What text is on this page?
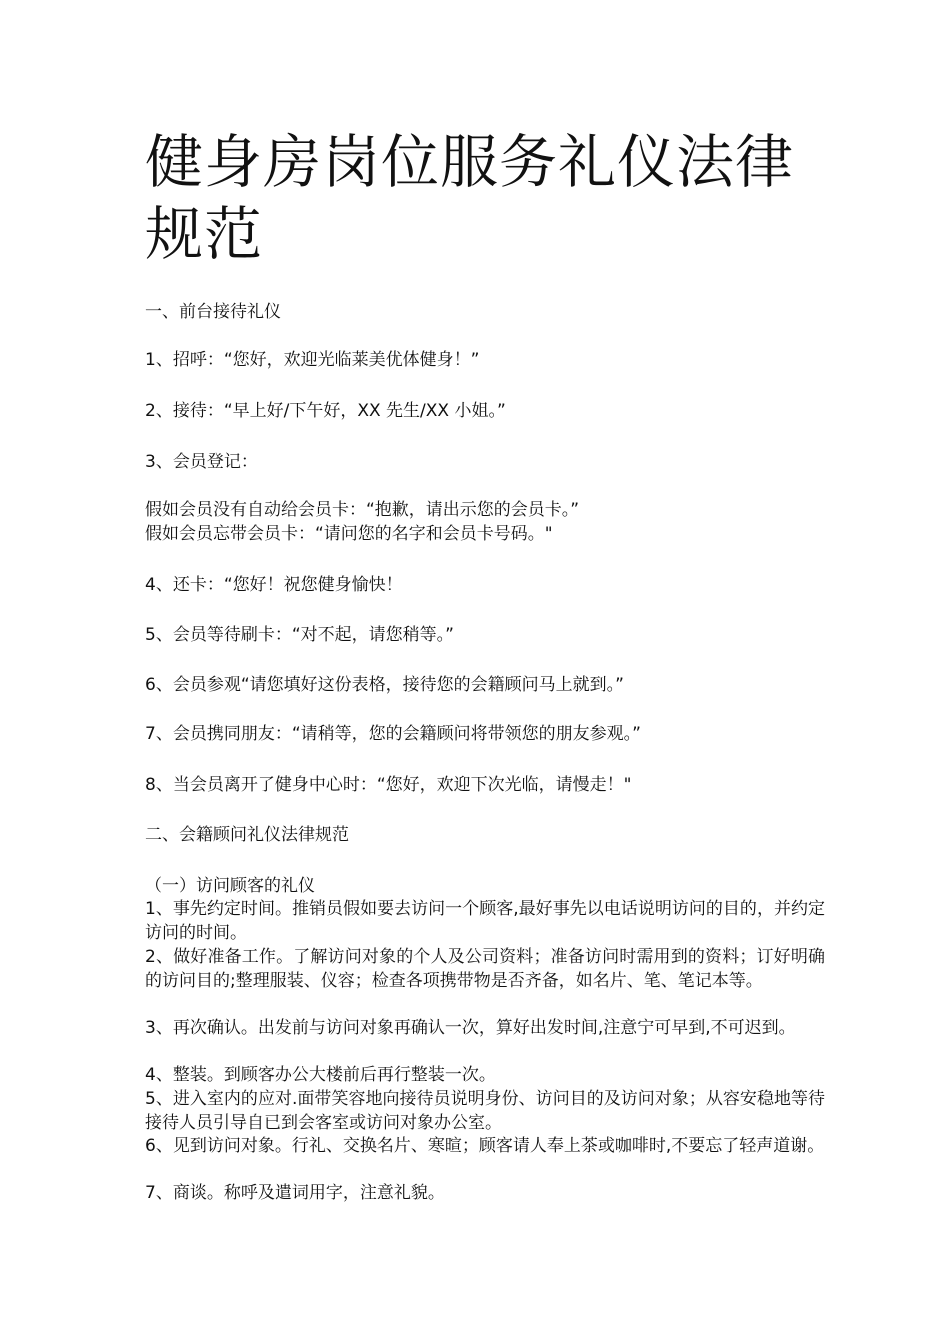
健身房岗位服务礼仪法律规范

一、前台接待礼仪

1、招呼：“您好，欢迎光临莱美优体健身！”

2、接待：“早上好/下午好，XX 先生/XX 小姐。”

3、会员登记：

假如会员没有自动给会员卡：“抱歉，请出示您的会员卡。”

假如会员忘带会员卡：“请问您的名字和会员卡号码。"

4、还卡：“您好！祝您健身愉快！

5、会员等待刷卡：“对不起，请您稍等。”

6、会员参观“请您填好这份表格，接待您的会籍顾问马上就到。”

7、会员携同朋友：“请稍等，您的会籍顾问将带领您的朋友参观。”

8、当会员离开了健身中心时：“您好，欢迎下次光临，请慢走！"

二、会籍顾问礼仪法律规范

（一）访问顾客的礼仪

1、事先约定时间。推销员假如要去访问一个顾客,最好事先以电话说明访问的目的，并约定访问的时间。

2、做好准备工作。了解访问对象的个人及公司资料；准备访问时需用到的资料；订好明确的访问目的;整理服装、仪容；检查各项携带物是否齐备，如名片、笔、笔记本等。

3、再次确认。出发前与访问对象再确认一次，算好出发时间,注意宁可早到,不可迟到。

4、整装。到顾客办公大楼前后再行整装一次。

5、进入室内的应对.面带笑容地向接待员说明身份、访问目的及访问对象；从容安稳地等待接待人员引导自已到会客室或访问对象办公室。

6、见到访问对象。行礼、交换名片、寒暄；顾客请人奉上茶或咖啡时,不要忘了轻声道谢。

7、商谈。称呼及遣词用字，注意礼貌。
